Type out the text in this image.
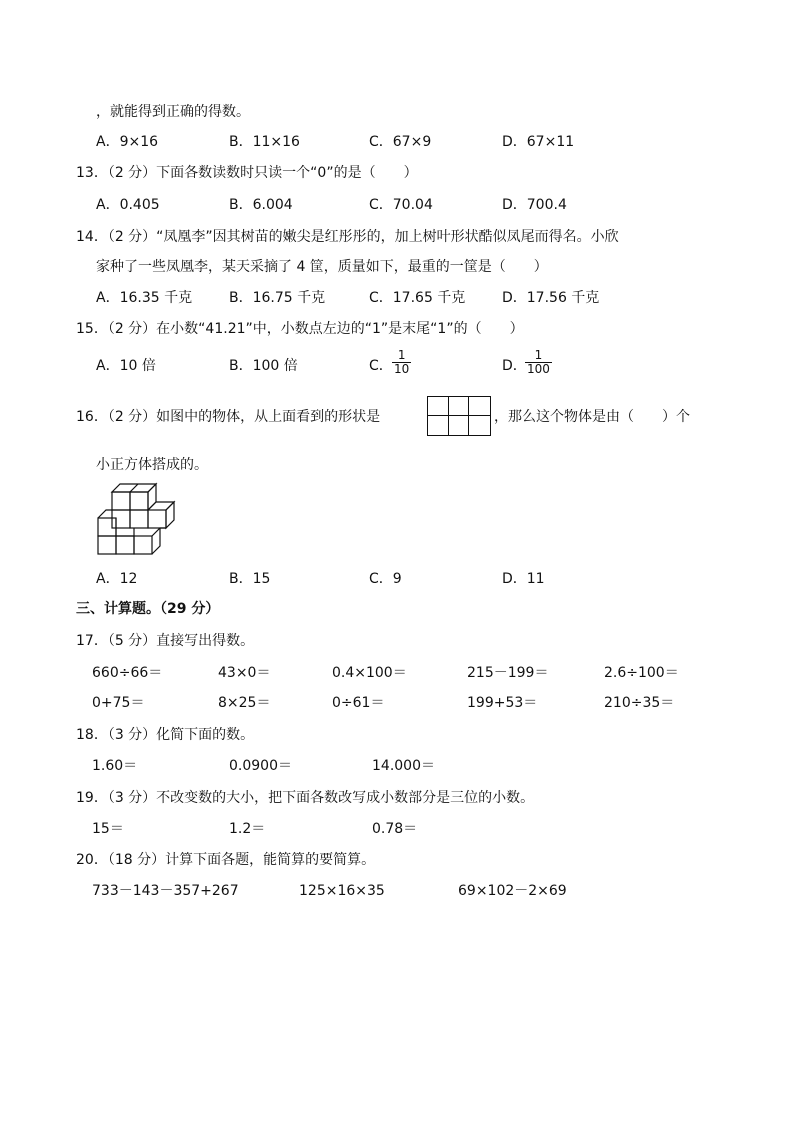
，就能得到正确的得数。
A．9×16	B．11×16	C．67×9	D．67×11
13．（2 分）下面各数读数时只读一个“0”的是（　　）
A．0.405	B．6.004	C．70.04	D．700.4
14．（2 分）“凤凰李”因其树苗的嫩尖是红彤彤的，加上树叶形状酷似凤尾而得名。小欣
家种了一些凤凰李，某天采摘了 4 筐，质量如下，最重的一筐是（　　）
A．16.35 千克	B．16.75 千克	C．17.65 千克	D．17.56 千克
15．（2 分）在小数“41.21”中，小数点左边的“1”是末尾“1”的（　　）
A．10 倍	B．100 倍	C． $\frac{1}{10}$	D．
$\frac{1}{100}$
16．（2 分）如图中的物体，从上面看到的形状是	，那么这个物体是由（　　）个
小正方体搭成的。
A．12	B．15	C．9	D．11
三、计算题。（29 分）
17．（5 分）直接写出得数。
660÷66＝	43×0＝	0.4×100＝	215－199＝	2.6÷100＝
0+75＝	8×25＝	0÷61＝	199+53＝	210÷35＝
18．（3 分）化简下面的数。
1.60＝	0.0900＝	14.000＝
19．（3 分）不改变数的大小，把下面各数改写成小数部分是三位的小数。
15＝	1.2＝	0.78＝
20．（18 分）计算下面各题，能简算的要简算。
733－143－357+267	125×16×35	69×102－2×69
